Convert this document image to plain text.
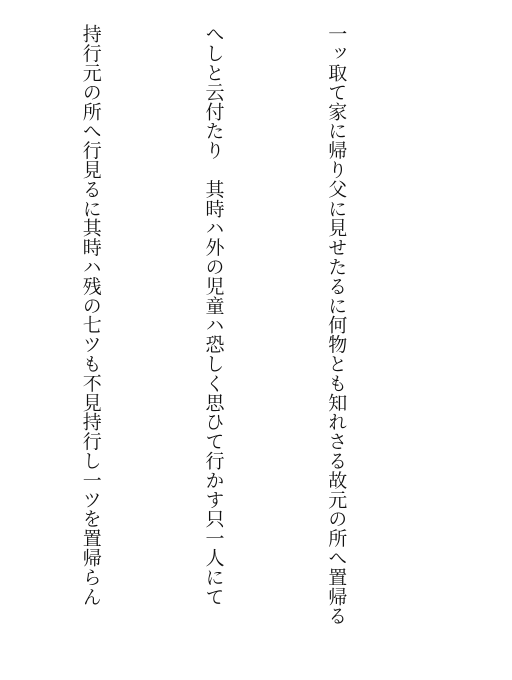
一ッ取て家に帰り父に見せたるに何物とも知れさる故元の所へ置帰る

へしと云付たり　其時ハ外の児童ハ恐しく思ひて行かす只一人にて

持行元の所へ行見るに其時ハ残の七ツも不見持行し一ツを置帰らん
